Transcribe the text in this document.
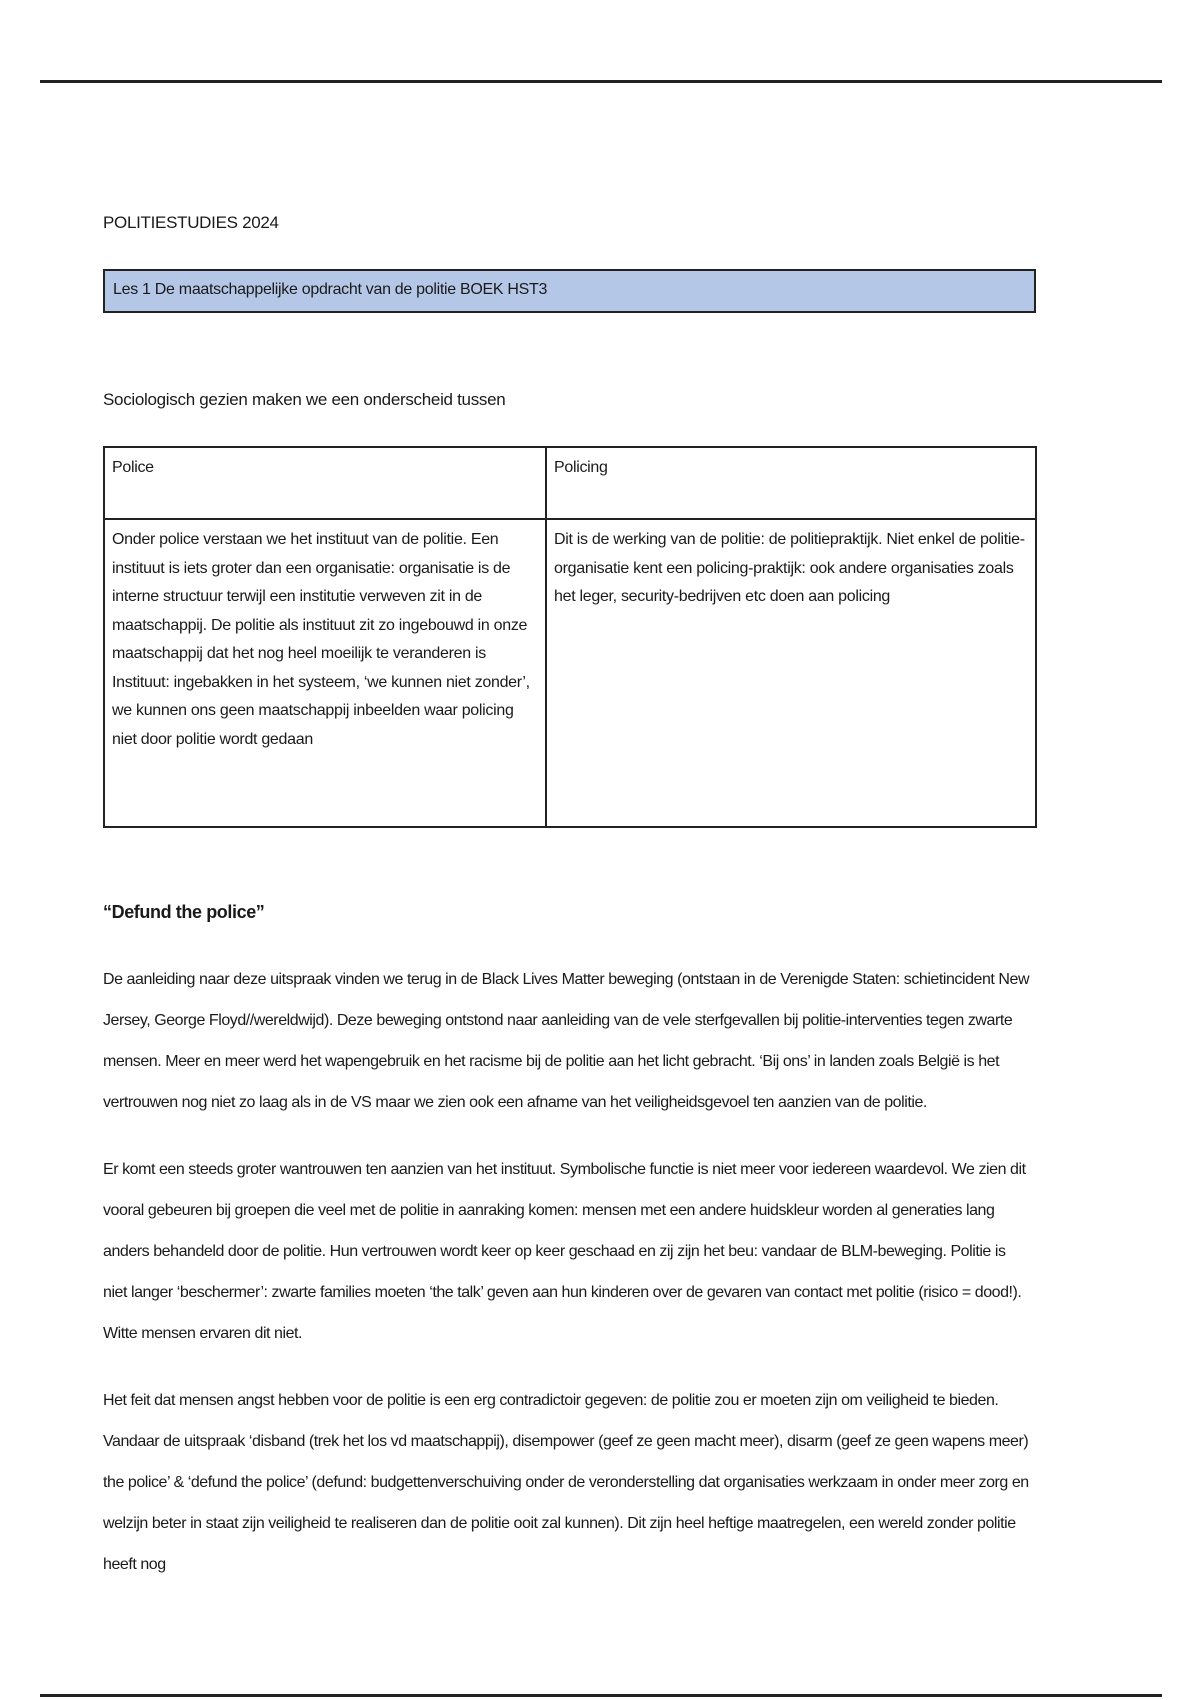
POLITIESTUDIES 2024
Les 1 De maatschappelijke opdracht van de politie BOEK HST3
Sociologisch gezien maken we een onderscheid tussen
Police	Policing
Onder police verstaan we het instituut van de politie. Een instituut is iets groter dan een organisatie: organisatie is de interne structuur terwijl een institutie verweven zit in de maatschappij. De politie als instituut zit zo ingebouwd in onze maatschappij dat het nog heel moeilijk te veranderen is
Instituut: ingebakken in het systeem, ‘we kunnen niet zonder’, we kunnen ons geen maatschappij inbeelden waar policing niet door politie wordt gedaan	Dit is de werking van de politie: de politiepraktijk. Niet enkel de politie-organisatie kent een policing-praktijk: ook andere organisaties zoals het leger, security-bedrijven etc doen aan policing
“Defund the police”

De aanleiding naar deze uitspraak vinden we terug in de Black Lives Matter beweging (ontstaan in de Verenigde Staten: schietincident New Jersey, George Floyd//wereldwijd). Deze beweging ontstond naar aanleiding van de vele sterfgevallen bij politie-interventies tegen zwarte mensen. Meer en meer werd het wapengebruik en het racisme bij de politie aan het licht gebracht. ‘Bij ons’ in landen zoals België is het vertrouwen nog niet zo laag als in de VS maar we zien ook een afname van het veiligheidsgevoel ten aanzien van de politie.

Er komt een steeds groter wantrouwen ten aanzien van het instituut. Symbolische functie is niet meer voor iedereen waardevol. We zien dit vooral gebeuren bij groepen die veel met de politie in aanraking komen: mensen met een andere huidskleur worden al generaties lang anders behandeld door de politie. Hun vertrouwen wordt keer op keer geschaad en zij zijn het beu: vandaar de BLM-beweging. Politie is niet langer ‘beschermer’: zwarte families moeten ‘the talk’ geven aan hun kinderen over de gevaren van contact met politie (risico = dood!). Witte mensen ervaren dit niet.

Het feit dat mensen angst hebben voor de politie is een erg contradictoir gegeven: de politie zou er moeten zijn om veiligheid te bieden. Vandaar de uitspraak ‘disband (trek het los vd maatschappij), disempower (geef ze geen macht meer), disarm (geef ze geen wapens meer) the police’ & ‘defund the police’ (defund: budgettenverschuiving onder de veronderstelling dat organisaties werkzaam in onder meer zorg en welzijn beter in staat zijn veiligheid te realiseren dan de politie ooit zal kunnen). Dit zijn heel heftige maatregelen, een wereld zonder politie heeft nog
